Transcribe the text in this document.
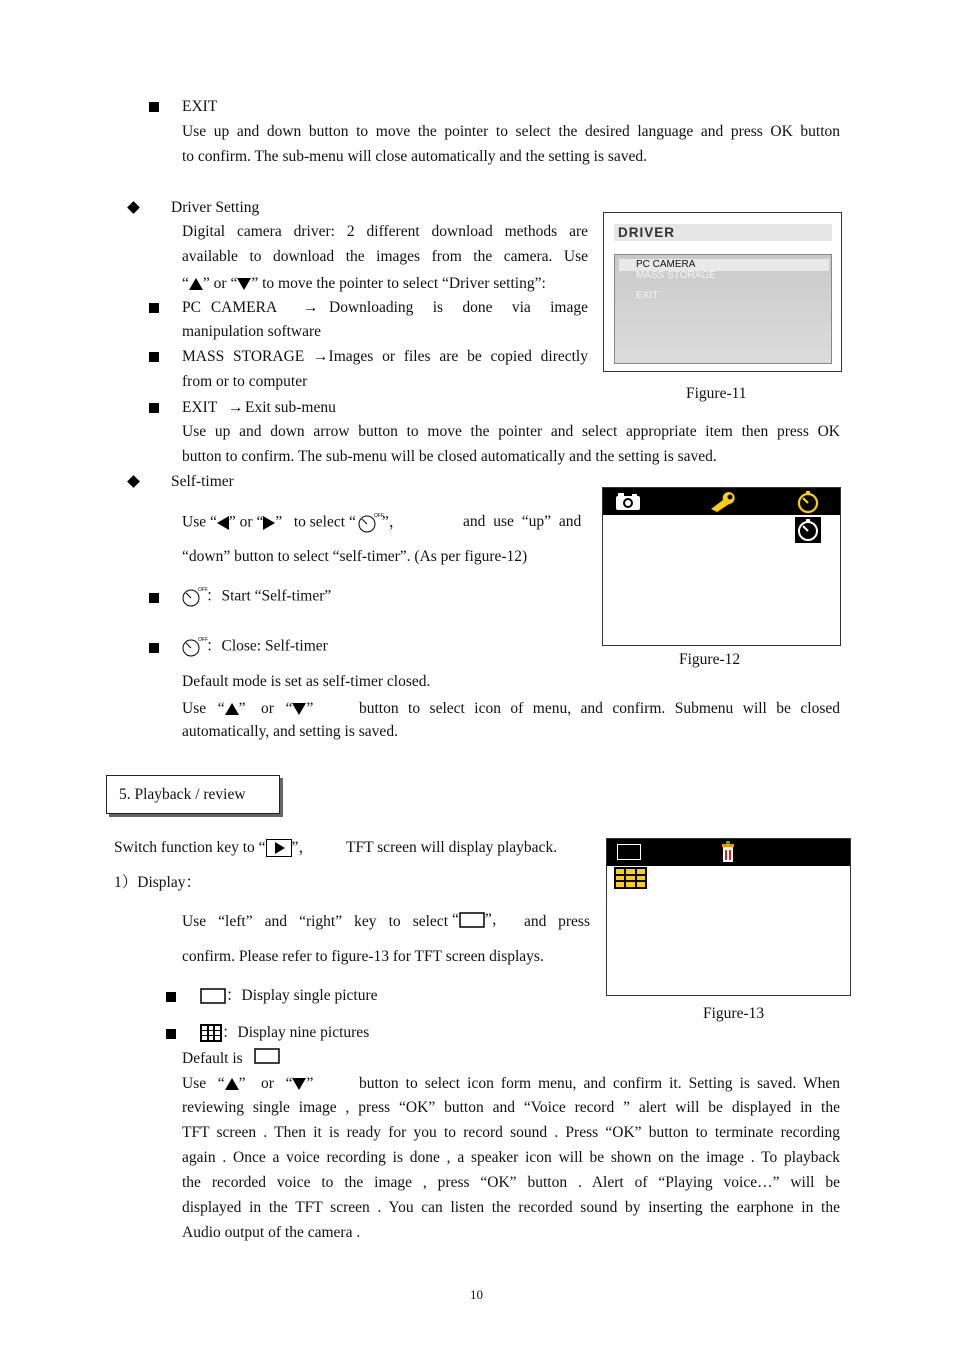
EXIT
Use up and down button to move the pointer to select the desired language and press OK button
to confirm. The sub-menu will close automatically and the setting is saved.
Driver Setting
Digital camera driver: 2 different download methods are
available to download the images from the camera. Use
“ ” or “ ” to move the pointer to select “Driver setting”:
PC CAMERA → Downloading is done via image
manipulation software
MASS STORAGE →Images or files are be copied directly
from or to computer
EXIT → Exit sub-menu
Use up and down arrow button to move the pointer and select appropriate item then press OK
button to confirm. The sub-menu will be closed automatically and the setting is saved.
DRIVER
PC CAMERA
MASS STORAGE
EXIT
Figure-11
Self-timer
Use “ ” or “ ”   to select “	OFF
”，	and use “up” and
“down” button to select “self-timer”. (As per figure-12)
OFF
：Start “Self-timer”
OFF
：Close: Self-timer
Default mode is set as self-timer closed.
Use   “ ”    or   “ ”	button to select icon of menu, and confirm. Submenu will be closed
automatically, and setting is saved.
Figure-12
5. Playback / review
Switch function key to “ ”， TFT screen will display playback.
1）Display：
Use “left” and “right” key to select “ ”， and press
confirm. Please refer to figure-13 for TFT screen displays.
：Display single picture
：Display nine pictures
Default is
Use   “ ”    or   “ ”	button to select icon form menu, and confirm it. Setting is saved. When
reviewing single image , press “OK” button and “Voice record ” alert will be displayed in the
TFT screen . Then it is ready for you to record sound . Press “OK” button to terminate recording
again . Once a voice recording is done , a speaker icon will be shown on the image . To playback
the recorded voice to the image , press “OK” button . Alert of “Playing voice…” will be
displayed in the TFT screen . You can listen the recorded sound by inserting the earphone in the
Audio output of the camera .
Figure-13
10
